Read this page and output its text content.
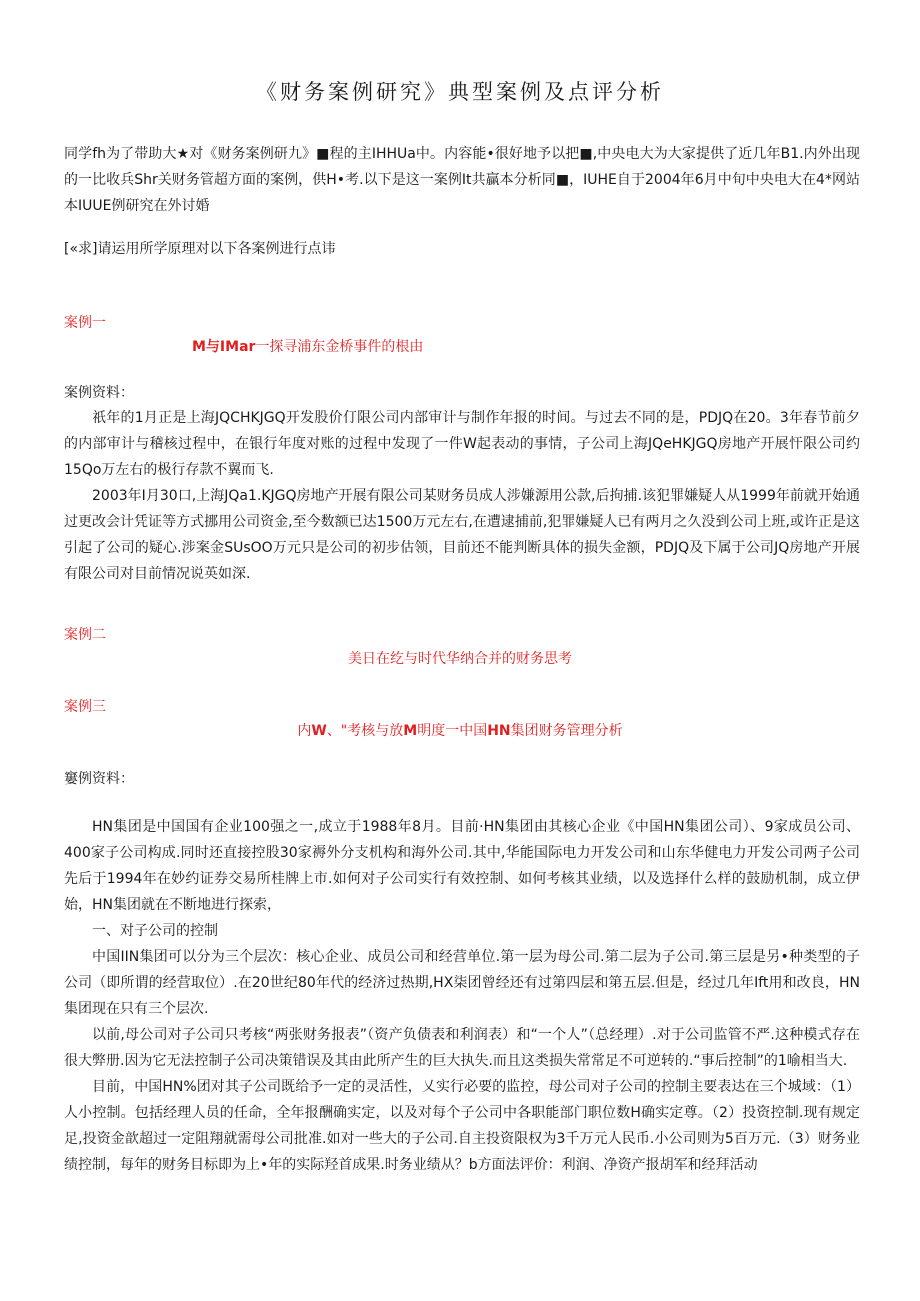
《财务案例研究》典型案例及点评分析

同学fh为了带助大★对《财务案例研九》■程的主IHHUa中。内容能•很好地予以把■,中央电大为大家提供了近几年B1.内外出现的一比收兵Shr关财务管超方面的案例，供H•考.以下是这一案例It共贏本分析同■，IUHE自于2004年6月中旬中央电大在4*网站本IUUE例研究在外讨婚

[«求]请运用所学原理对以下各案例进行点讳

案例一
M与IMar一探寻浦东金桥事件的根由
案例资料：

祇年的1月正是上海JQCHKJGQ开发股价仃限公司内部审计与制作年报的时间。与过去不同的是，PDJQ在20。3年春节前夕的内部审计与稽核过程中，在银行年度对账的过程中发现了一件W起表动的事情，子公司上海JQeHKJGQ房地产开展忓限公司约15Qo万左右的极行存款不翼而飞.

2003年I月30口,上海JQa1.KJGQ房地产开展有限公司某财务员成人涉嫌源用公款,后拘捕.该犯罪嫌疑人从1999年前就开始通过更改会计凭证等方式挪用公司资金,至今数额已达1500万元左右,在遭逮捕前,犯罪嫌疑人已有两月之久没到公司上班,或许正是这引起了公司的疑心.涉案金SUsOO万元只是公司的初步估领，目前还不能判断具体的损失金额，PDJQ及下属于公司JQ房地产开展有限公司对目前情况说英如深.

案例二
美日在纥与时代华纳合并的财务思考
案例三
内W、"考核与放M明度一中国HN集团财务管理分析
窶例资料：

HN集团是中国国有企业100强之一,成立于1988年8月。目前·HN集团由其核心企业《中国HN集团公司）、9家成员公司、400家子公司构成.同时还直接控股30家褥外分支机构和海外公司.其中,华能国际电力开发公司和山东华健电力开发公司两子公司先后于1994年在妙约证券交易所桂牌上市.如何对子公司实行有效控制、如何考核其业绩，以及选择什么样的鼓励机制，成立伊始，HN集团就在不断地进行探索，

一、对子公司的控制

中国IIN集团可以分为三个层次：核心企业、成员公司和经营单位.第一层为母公司.第二层为子公司.第三层是另•种类型的子公司（即所谓的经营取位）.在20世纪80年代的经济过热期,HX柒团曾经还有过第四层和第五层.但是，经过几年Ift用和改良，HN集团现在只有三个层次.

以前,母公司对子公司只考核“两张财务报表”（资产负债表和利润表）和“一个人”（总经理）.对于公司监管不严.这种模式存在很大弊册.因为它无法控制子公司决策错误及其由此所产生的巨大执失.而且这类损失常常足不可逆转的.“事后控制”的1喻相当大.

目前，中国HN%团对其子公司既给予一定的灵活性，乂实行必要的监控，母公司对子公司的控制主要表达在三个城域：（1）人小控制。包括经理人员的任命，全年报酬确实定，以及对每个子公司中各职能部门职位数H确实定尊。（2）投资控制.现有规定足,投资金歆超过一定阻翔就需母公司批准.如对一些大的子公司.自主投资限权为3千万元人民币.小公司则为5百万元.（3）财务业绩控制，每年的财务目标即为上•年的实际羟首成果.时务业绩从？b方面法评价：利润、净资产报胡军和经拜活动
